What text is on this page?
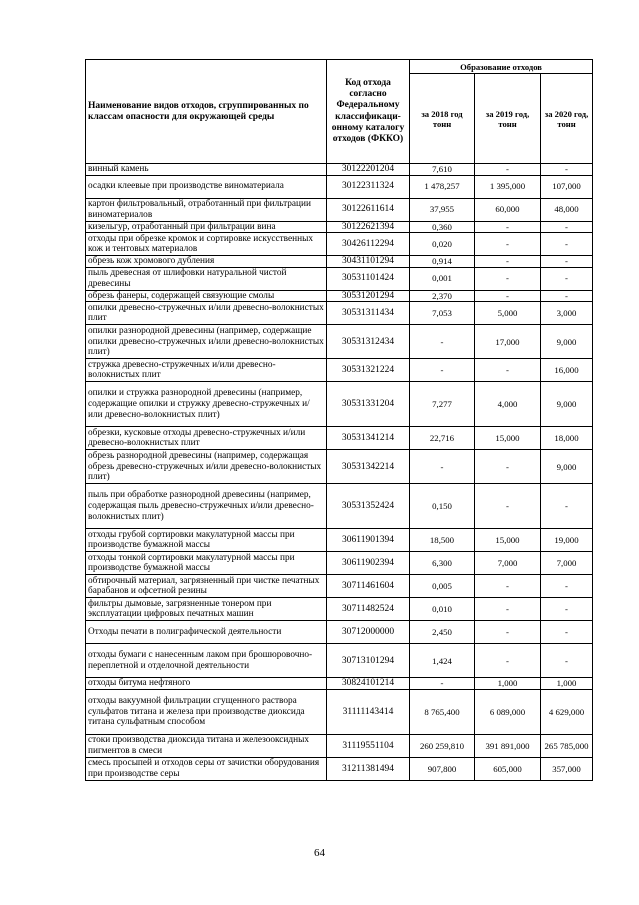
Наименование видов отходов, сгруппированных по классам опасности для окружающей среды	Код отхода согласно Федеральному классификаци-онному каталогу отходов (ФККО)	Образование отходов		
		за 2018 год тонн	за 2019 год, тонн	за 2020 год, тонн
винный камень	30122201204	7,610	-	-
осадки клеевые при производстве виноматериала	30122311324	1 478,257	1 395,000	107,000
картон фильтровальный, отработанный при фильтрации виноматериалов	30122611614	37,955	60,000	48,000
кизельгур, отработанный при фильтрации вина	30122621394	0,360	-	-
отходы при обрезке кромок и сортировке искусственных кож и тентовых материалов	30426112294	0,020	-	-
обрезь кож хромового дубления	30431101294	0,914	-	-
пыль древесная от шлифовки натуральной чистой древесины	30531101424	0,001	-	-
обрезь фанеры, содержащей связующие смолы	30531201294	2,370	-	-
опилки древесно-стружечных и/или древесно-волокнистых плит	30531311434	7,053	5,000	3,000
опилки разнородной древесины (например, содержащие опилки древесно-стружечных и/или древесно-волокнистых плит)	30531312434	-	17,000	9,000
стружка древесно-стружечных и/или древесно-волокнистых плит	30531321224	-	-	16,000
опилки и стружка разнородной древесины (например, содержащие опилки и стружку древесно-стружечных и/или древесно-волокнистых плит)	30531331204	7,277	4,000	9,000
обрезки, кусковые отходы древесно-стружечных и/или древесно-волокнистых плит	30531341214	22,716	15,000	18,000
обрезь разнородной древесины (например, содержащая обрезь древесно-стружечных и/или древесно-волокнистых плит)	30531342214	-	-	9,000
пыль при обработке разнородной древесины (например, содержащая пыль древесно-стружечных и/или древесно-волокнистых плит)	30531352424	0,150	-	-
отходы грубой сортировки макулатурной массы при производстве бумажной массы	30611901394	18,500	15,000	19,000
отходы тонкой сортировки макулатурной массы при производстве бумажной массы	30611902394	6,300	7,000	7,000
обтирочный материал, загрязненный при чистке печатных барабанов и офсетной резины	30711461604	0,005	-	-
фильтры дымовые, загрязненные тонером при эксплуатации цифровых печатных машин	30711482524	0,010	-	-
Отходы печати в полиграфической деятельности	30712000000	2,450	-	-
отходы бумаги с нанесенным лаком при брошюровочно-переплетной и отделочной деятельности	30713101294	1,424	-	-
отходы битума нефтяного	30824101214	-	1,000	1,000
отходы вакуумной фильтрации сгущенного раствора сульфатов титана и железа при производстве диоксида титана сульфатным способом	31111143414	8 765,400	6 089,000	4 629,000
стоки производства диоксида титана и железооксидных пигментов в смеси	31119551104	260 259,810	391 891,000	265 785,000
смесь просыпей и отходов серы от зачистки оборудования при производстве серы	31211381494	907,800	605,000	357,000
64
